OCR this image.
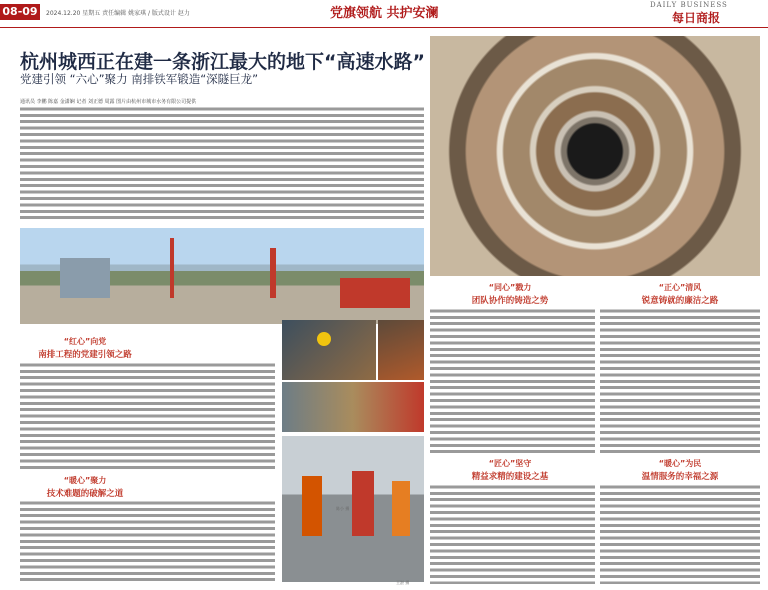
08-09	2024.12.20 星期五 责任编辑 姚家琪 / 版式设计 赵力	党旗领航 共护安澜
DAILY BUSINESS
每日商报
杭州城西正在建一条浙江最大的地下“高速水路”
党建引领 “六心”聚力 南排铁军锻造“深隧巨龙”
通讯员 李鹏 陈嘉 金潇娴 记者 刘正德 周露 图片由杭州市城市水务有限公司提供
“红心”向党
南排工程的党建引领之路
“暖心”聚力
技术难题的破解之道
陈小 摄
王湛 摄
“同心”戮力
团队协作的铸造之势
“匠心”坚守
精益求精的建设之基
“正心”清风
锐意铸就的廉洁之路
“暖心”为民
温情服务的幸福之源
